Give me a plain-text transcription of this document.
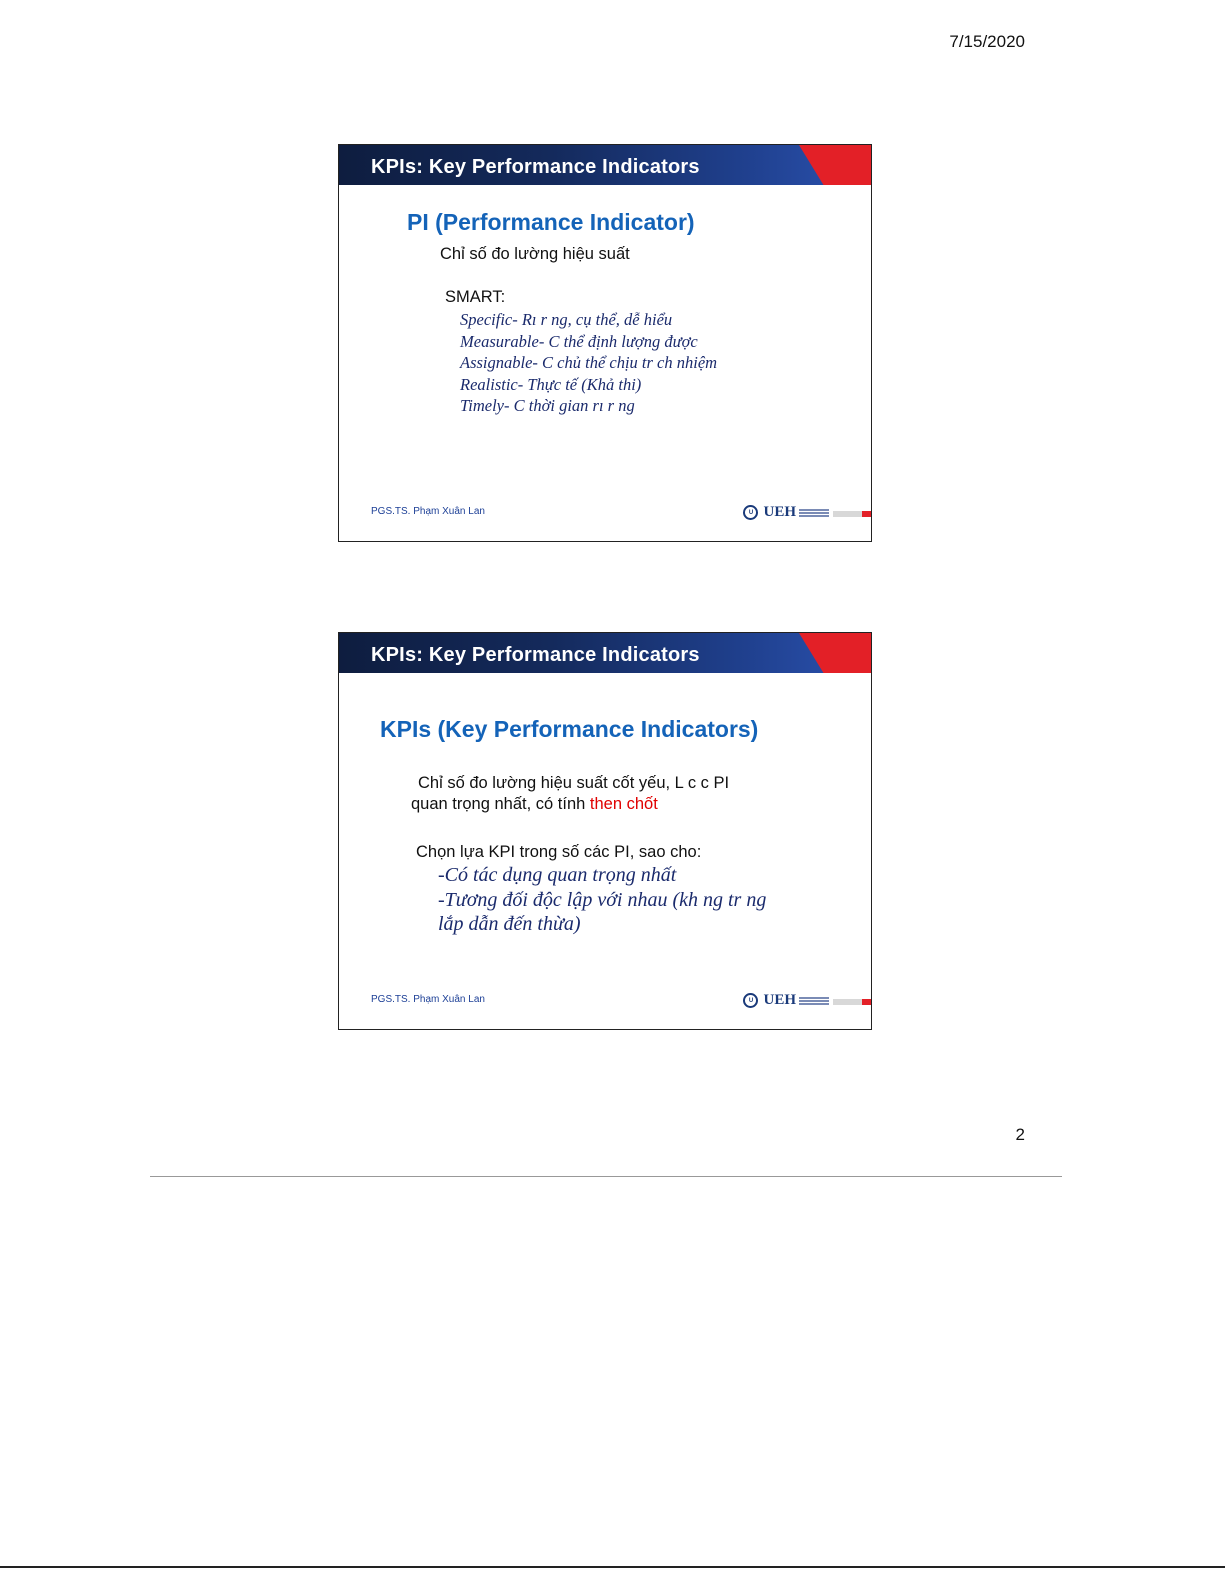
7/15/2020
KPIs: Key Performance Indicators
PI (Performance Indicator)
Chỉ số đo lường hiệu suất
SMART:
Specific- Rı r ng, cụ thể, dễ hiểu
Measurable- C thể định lượng được
Assignable- C chủ thể chịu tr ch nhiệm
Realistic- Thực tế (Khả thi)
Timely- C thời gian rı r ng
PGS.TS. Phạm Xuân Lan	U UEH
KPIs: Key Performance Indicators
KPIs (Key Performance Indicators)
Chỉ số đo lường hiệu suất cốt yếu, L c c PI
quan trọng nhất, có tính then chốt
Chọn lựa KPI trong số các PI, sao cho:
-Có tác dụng quan trọng nhất
-Tương đối độc lập với nhau (kh ng tr ng
lắp dẫn đến thừa)
PGS.TS. Phạm Xuân Lan	U UEH
2
